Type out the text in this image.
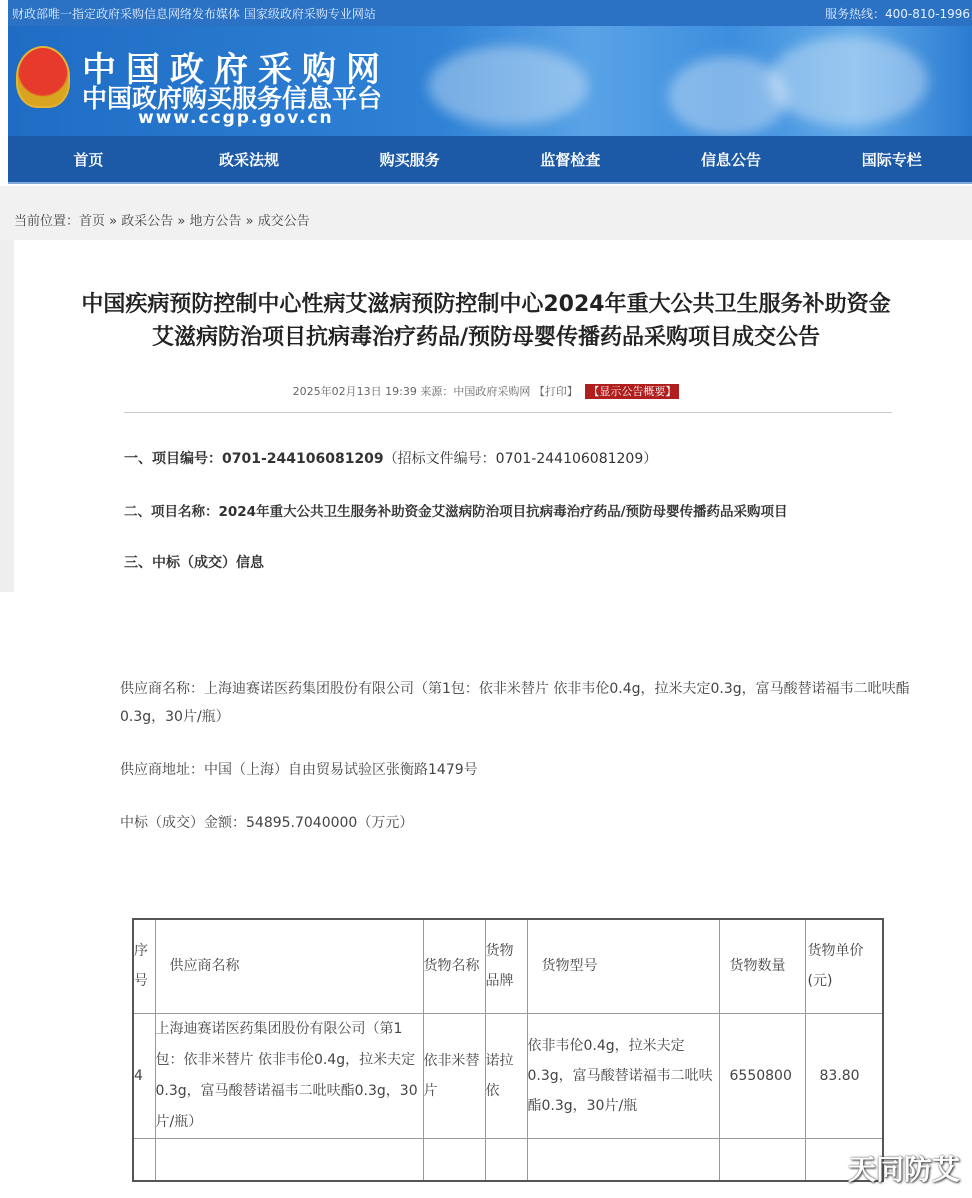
财政部唯一指定政府采购信息网络发布媒体 国家级政府采购专业网站	服务热线：400-810-1996
中国政府采购网
中国政府购买服务信息平台
www.ccgp.gov.cn
首页	政采法规	购买服务	监督检查	信息公告	国际专栏
当前位置：首页 » 政采公告 » 地方公告 » 成交公告
中国疾病预防控制中心性病艾滋病预防控制中心2024年重大公共卫生服务补助资金
艾滋病防治项目抗病毒治疗药品/预防母婴传播药品采购项目成交公告
2025年02月13日 19:39 来源：中国政府采购网 【打印】 【显示公告概要】
一、项目编号：0701-244106081209（招标文件编号：0701-244106081209）
二、项目名称：2024年重大公共卫生服务补助资金艾滋病防治项目抗病毒治疗药品/预防母婴传播药品采购项目
三、中标（成交）信息
供应商名称：上海迪赛诺医药集团股份有限公司（第1包：依非米替片 依非韦伦0.4g，拉米夫定0.3g，富马酸替诺福韦二吡呋酯0.3g，30片/瓶）
供应商地址：中国（上海）自由贸易试验区张衡路1479号
中标（成交）金额：54895.7040000（万元）
序号	供应商名称	货物名称	货物品牌	货物型号	货物数量	货物单价(元)
4	上海迪赛诺医药集团股份有限公司（第1包：依非米替片 依非韦伦0.4g，拉米夫定0.3g，富马酸替诺福韦二吡呋酯0.3g，30片/瓶）	依非米替片	诺拉依	依非韦伦0.4g，拉米夫定0.3g，富马酸替诺福韦二吡呋酯0.3g，30片/瓶	6550800	83.80

天同防艾
